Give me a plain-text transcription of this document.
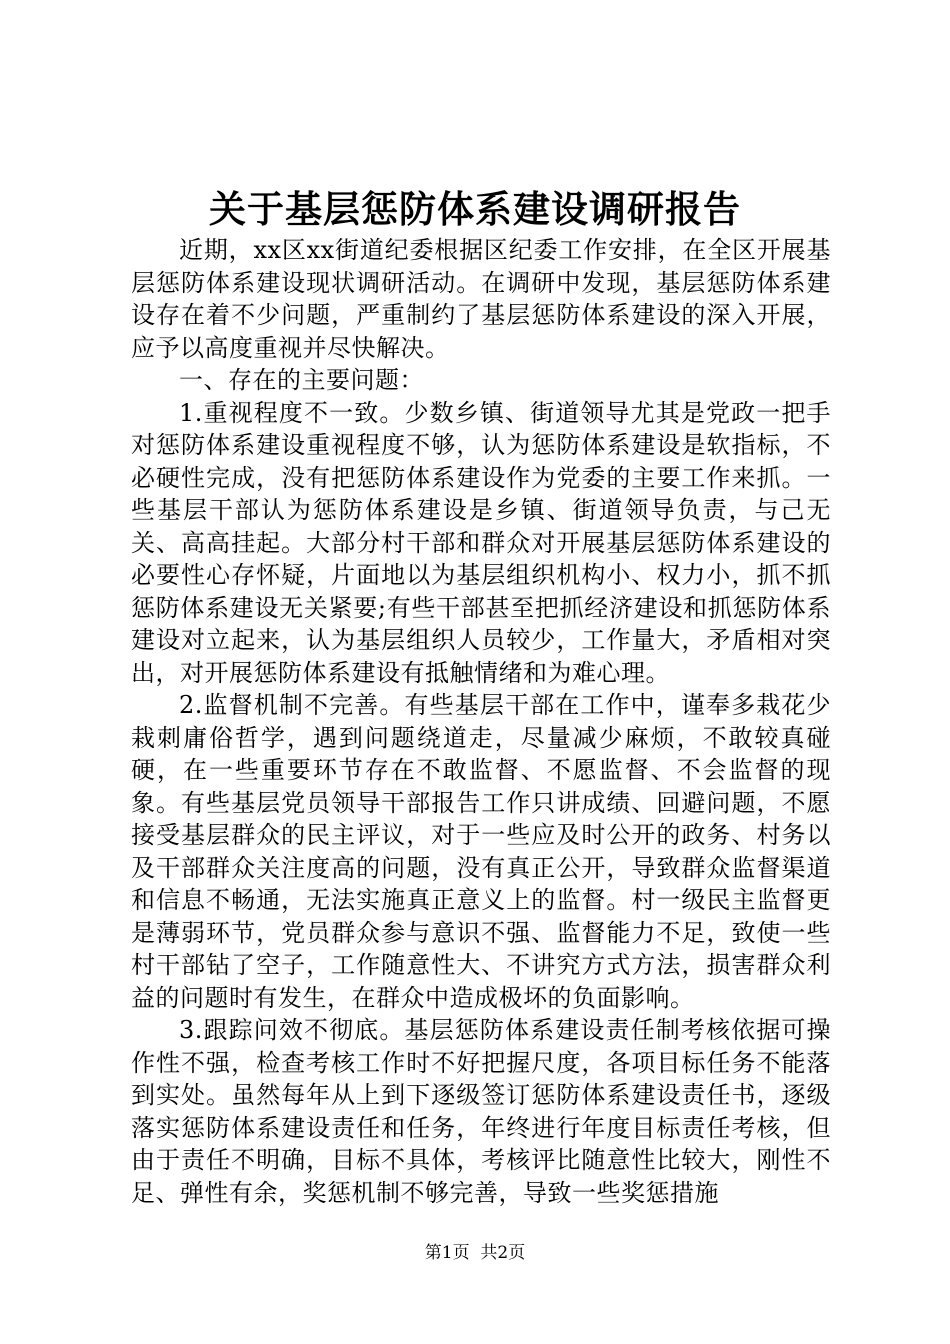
关于基层惩防体系建设调研报告

近期，xx区xx街道纪委根据区纪委工作安排，在全区开展基层惩防体系建设现状调研活动。在调研中发现，基层惩防体系建设存在着不少问题，严重制约了基层惩防体系建设的深入开展，应予以高度重视并尽快解决。

一、存在的主要问题：

1.重视程度不一致。少数乡镇、街道领导尤其是党政一把手对惩防体系建设重视程度不够，认为惩防体系建设是软指标，不必硬性完成，没有把惩防体系建设作为党委的主要工作来抓。一些基层干部认为惩防体系建设是乡镇、街道领导负责，与己无关、高高挂起。大部分村干部和群众对开展基层惩防体系建设的必要性心存怀疑，片面地以为基层组织机构小、权力小，抓不抓惩防体系建设无关紧要;有些干部甚至把抓经济建设和抓惩防体系建设对立起来，认为基层组织人员较少，工作量大，矛盾相对突出，对开展惩防体系建设有抵触情绪和为难心理。

2.监督机制不完善。有些基层干部在工作中，谨奉多栽花少栽刺庸俗哲学，遇到问题绕道走，尽量减少麻烦，不敢较真碰硬，在一些重要环节存在不敢监督、不愿监督、不会监督的现象。有些基层党员领导干部报告工作只讲成绩、回避问题，不愿接受基层群众的民主评议，对于一些应及时公开的政务、村务以及干部群众关注度高的问题，没有真正公开，导致群众监督渠道和信息不畅通，无法实施真正意义上的监督。村一级民主监督更是薄弱环节，党员群众参与意识不强、监督能力不足，致使一些村干部钻了空子，工作随意性大、不讲究方式方法，损害群众利益的问题时有发生，在群众中造成极坏的负面影响。

3.跟踪问效不彻底。基层惩防体系建设责任制考核依据可操作性不强，检查考核工作时不好把握尺度，各项目标任务不能落到实处。虽然每年从上到下逐级签订惩防体系建设责任书，逐级落实惩防体系建设责任和任务，年终进行年度目标责任考核，但由于责任不明确，目标不具体，考核评比随意性比较大，刚性不足、弹性有余，奖惩机制不够完善，导致一些奖惩措施

第1页 共2页
